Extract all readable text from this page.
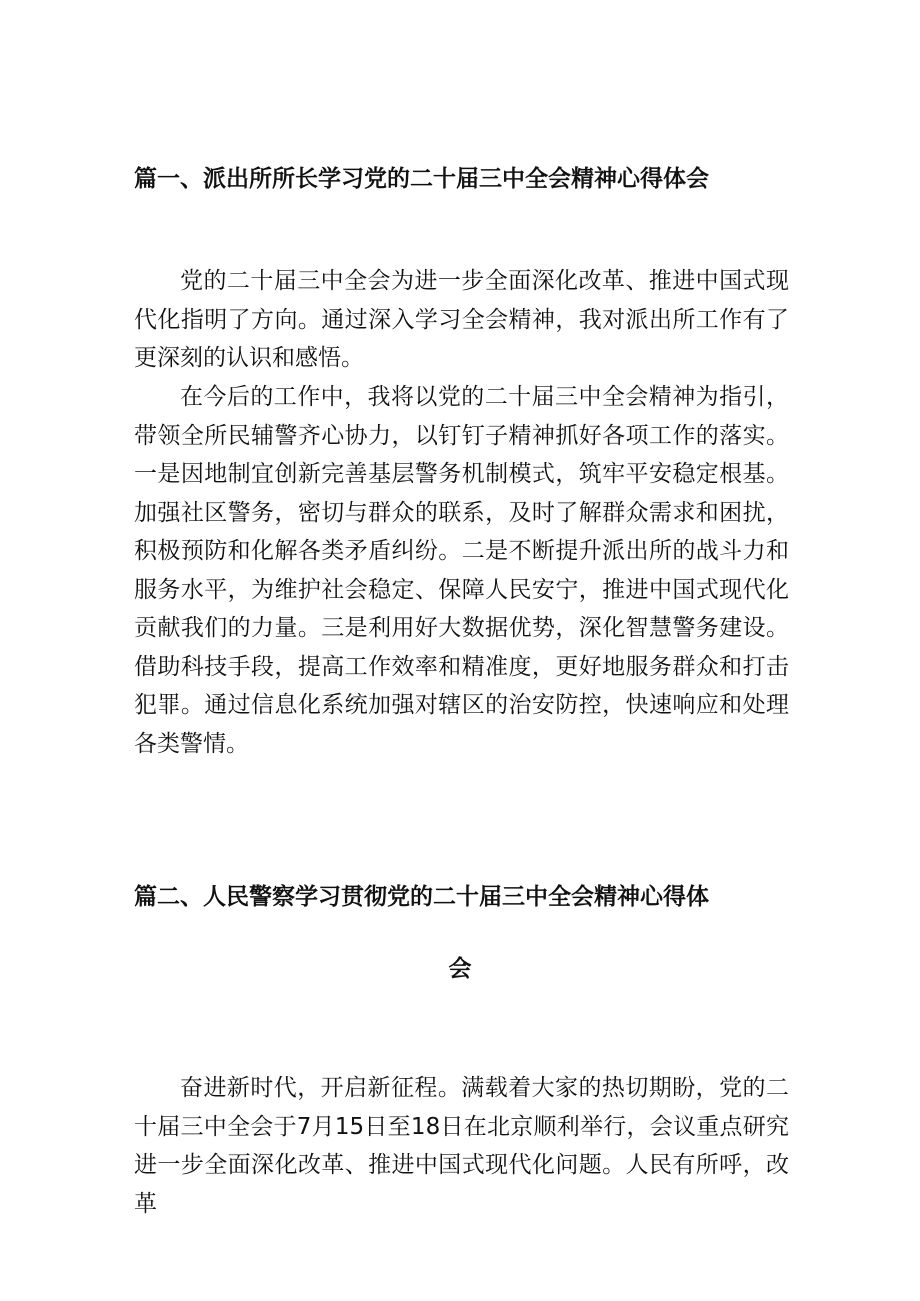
篇一、派出所所长学习党的二十届三中全会精神心得体会

党的二十届三中全会为进一步全面深化改革、推进中国式现代化指明了方向。通过深入学习全会精神，我对派出所工作有了更深刻的认识和感悟。

在今后的工作中，我将以党的二十届三中全会精神为指引，带领全所民辅警齐心协力，以钉钉子精神抓好各项工作的落实。一是因地制宜创新完善基层警务机制模式，筑牢平安稳定根基。加强社区警务，密切与群众的联系，及时了解群众需求和困扰，积极预防和化解各类矛盾纠纷。二是不断提升派出所的战斗力和服务水平，为维护社会稳定、保障人民安宁，推进中国式现代化贡献我们的力量。三是利用好大数据优势，深化智慧警务建设。借助科技手段，提高工作效率和精准度，更好地服务群众和打击犯罪。通过信息化系统加强对辖区的治安防控，快速响应和处理各类警情。

篇二、人民警察学习贯彻党的二十届三中全会精神心得体
会

奋进新时代，开启新征程。满载着大家的热切期盼，党的二十届三中全会于7月15日至18日在北京顺利举行，会议重点研究进一步全面深化改革、推进中国式现代化问题。人民有所呼，改革
